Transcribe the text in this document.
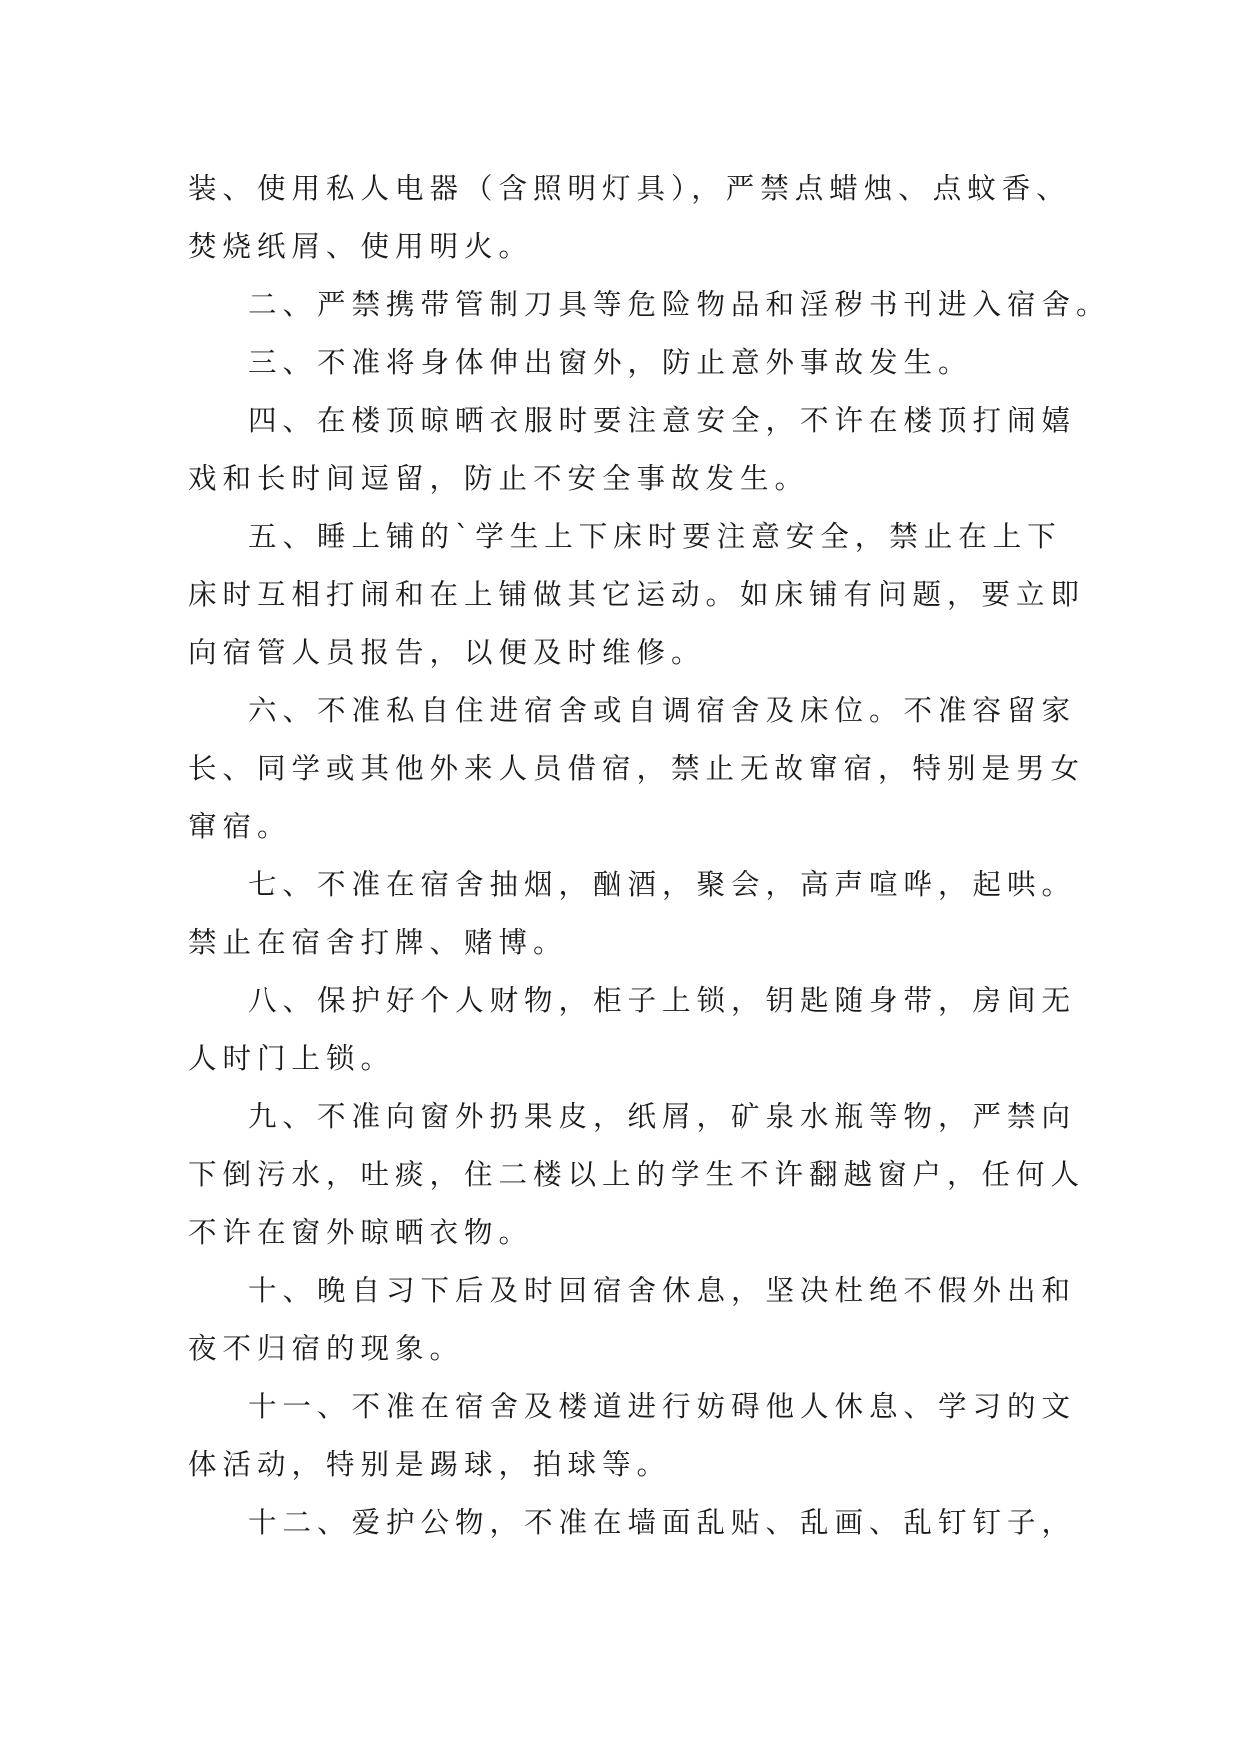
装、使用私人电器（含照明灯具），严禁点蜡烛、点蚊香、
焚烧纸屑、使用明火。
二、严禁携带管制刀具等危险物品和淫秽书刊进入宿舍。
三、不准将身体伸出窗外，防止意外事故发生。
四、在楼顶晾晒衣服时要注意安全，不许在楼顶打闹嬉
戏和长时间逗留，防止不安全事故发生。
五、睡上铺的`学生上下床时要注意安全，禁止在上下
床时互相打闹和在上铺做其它运动。如床铺有问题，要立即
向宿管人员报告，以便及时维修。
六、不准私自住进宿舍或自调宿舍及床位。不准容留家
长、同学或其他外来人员借宿，禁止无故窜宿，特别是男女
窜宿。
七、不准在宿舍抽烟，酗酒，聚会，高声喧哗，起哄。
禁止在宿舍打牌、赌博。
八、保护好个人财物，柜子上锁，钥匙随身带，房间无
人时门上锁。
九、不准向窗外扔果皮，纸屑，矿泉水瓶等物，严禁向
下倒污水，吐痰，住二楼以上的学生不许翻越窗户，任何人
不许在窗外晾晒衣物。
十、晚自习下后及时回宿舍休息，坚决杜绝不假外出和
夜不归宿的现象。
十一、不准在宿舍及楼道进行妨碍他人休息、学习的文
体活动，特别是踢球，拍球等。
十二、爱护公物，不准在墙面乱贴、乱画、乱钉钉子，
